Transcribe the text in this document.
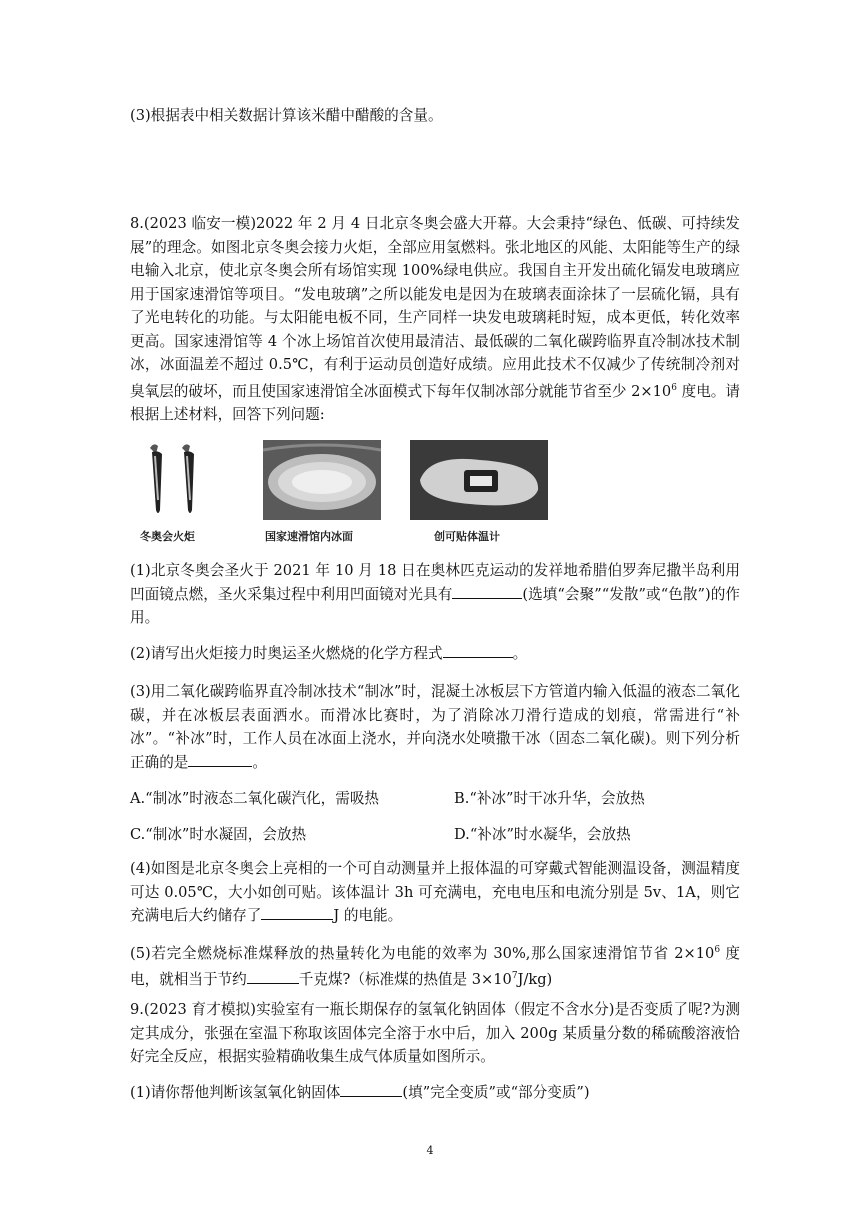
(3)根据表中相关数据计算该米醋中醋酸的含量。

8.(2023 临安一模)2022 年 2 月 4 日北京冬奥会盛大开幕。大会秉持“绿色、低碳、可持续发展”的理念。如图北京冬奥会接力火炬，全部应用氢燃料。张北地区的风能、太阳能等生产的绿电输入北京，使北京冬奥会所有场馆实现 100%绿电供应。我国自主开发出硫化镉发电玻璃应用于国家速滑馆等项目。“发电玻璃”之所以能发电是因为在玻璃表面涂抹了一层硫化镉，具有了光电转化的功能。与太阳能电板不同，生产同样一块发电玻璃耗时短，成本更低，转化效率更高。国家速滑馆等 4 个冰上场馆首次使用最清洁、最低碳的二氧化碳跨临界直冷制冰技术制冰，冰面温差不超过 0.5℃，有利于运动员创造好成绩。应用此技术不仅减少了传统制冷剂对臭氧层的破坏，而且使国家速滑馆全冰面模式下每年仅制冰部分就能节省至少 $2\times 10^6$ 度电。请根据上述材料，回答下列问题:

冬奥会火炬	国家速滑馆内冰面	创可贴体温计

(1)北京冬奥会圣火于 2021 年 10 月 18 日在奥林匹克运动的发祥地希腊伯罗奔尼撒半岛利用凹面镜点燃，圣火采集过程中利用凹面镜对光具有	(选填“会聚”“发散”或“色散”)的作用。

(2)请写出火炬接力时奥运圣火燃烧的化学方程式	。

(3)用二氧化碳跨临界直冷制冰技术“制冰”时，混凝土冰板层下方管道内输入低温的液态二氧化碳，并在冰板层表面洒水。而滑冰比赛时，为了消除冰刀滑行造成的划痕，常需进行“补冰”。“补冰”时，工作人员在冰面上浇水，并向浇水处喷撒干冰（固态二氧化碳)。则下列分析正确的是	。

A.“制冰”时液态二氧化碳汽化，需吸热	B.“补冰”时干冰升华，会放热
C.“制冰”时水凝固，会放热	D.“补冰”时水凝华，会放热

(4)如图是北京冬奥会上亮相的一个可自动测量并上报体温的可穿戴式智能测温设备，测温精度可达 0.05℃，大小如创可贴。该体温计 3h 可充满电，充电电压和电流分别是 5v、1A，则它充满电后大约储存了	J 的电能。

(5)若完全燃烧标准煤释放的热量转化为电能的效率为 30%,那么国家速滑馆节省 $2\times 10^6$ 度电，就相当于节约	千克煤?（标准煤的热值是 $3\times 10^7J/kg$)

9.(2023 育才模拟)实验室有一瓶长期保存的氢氧化钠固体（假定不含水分)是否变质了呢?为测定其成分，张强在室温下称取该固体完全溶于水中后，加入 200g 某质量分数的稀硫酸溶液恰好完全反应，根据实验精确收集生成气体质量如图所示。

(1)请你帮他判断该氢氧化钠固体	(填”完全变质”或“部分变质”)

4
